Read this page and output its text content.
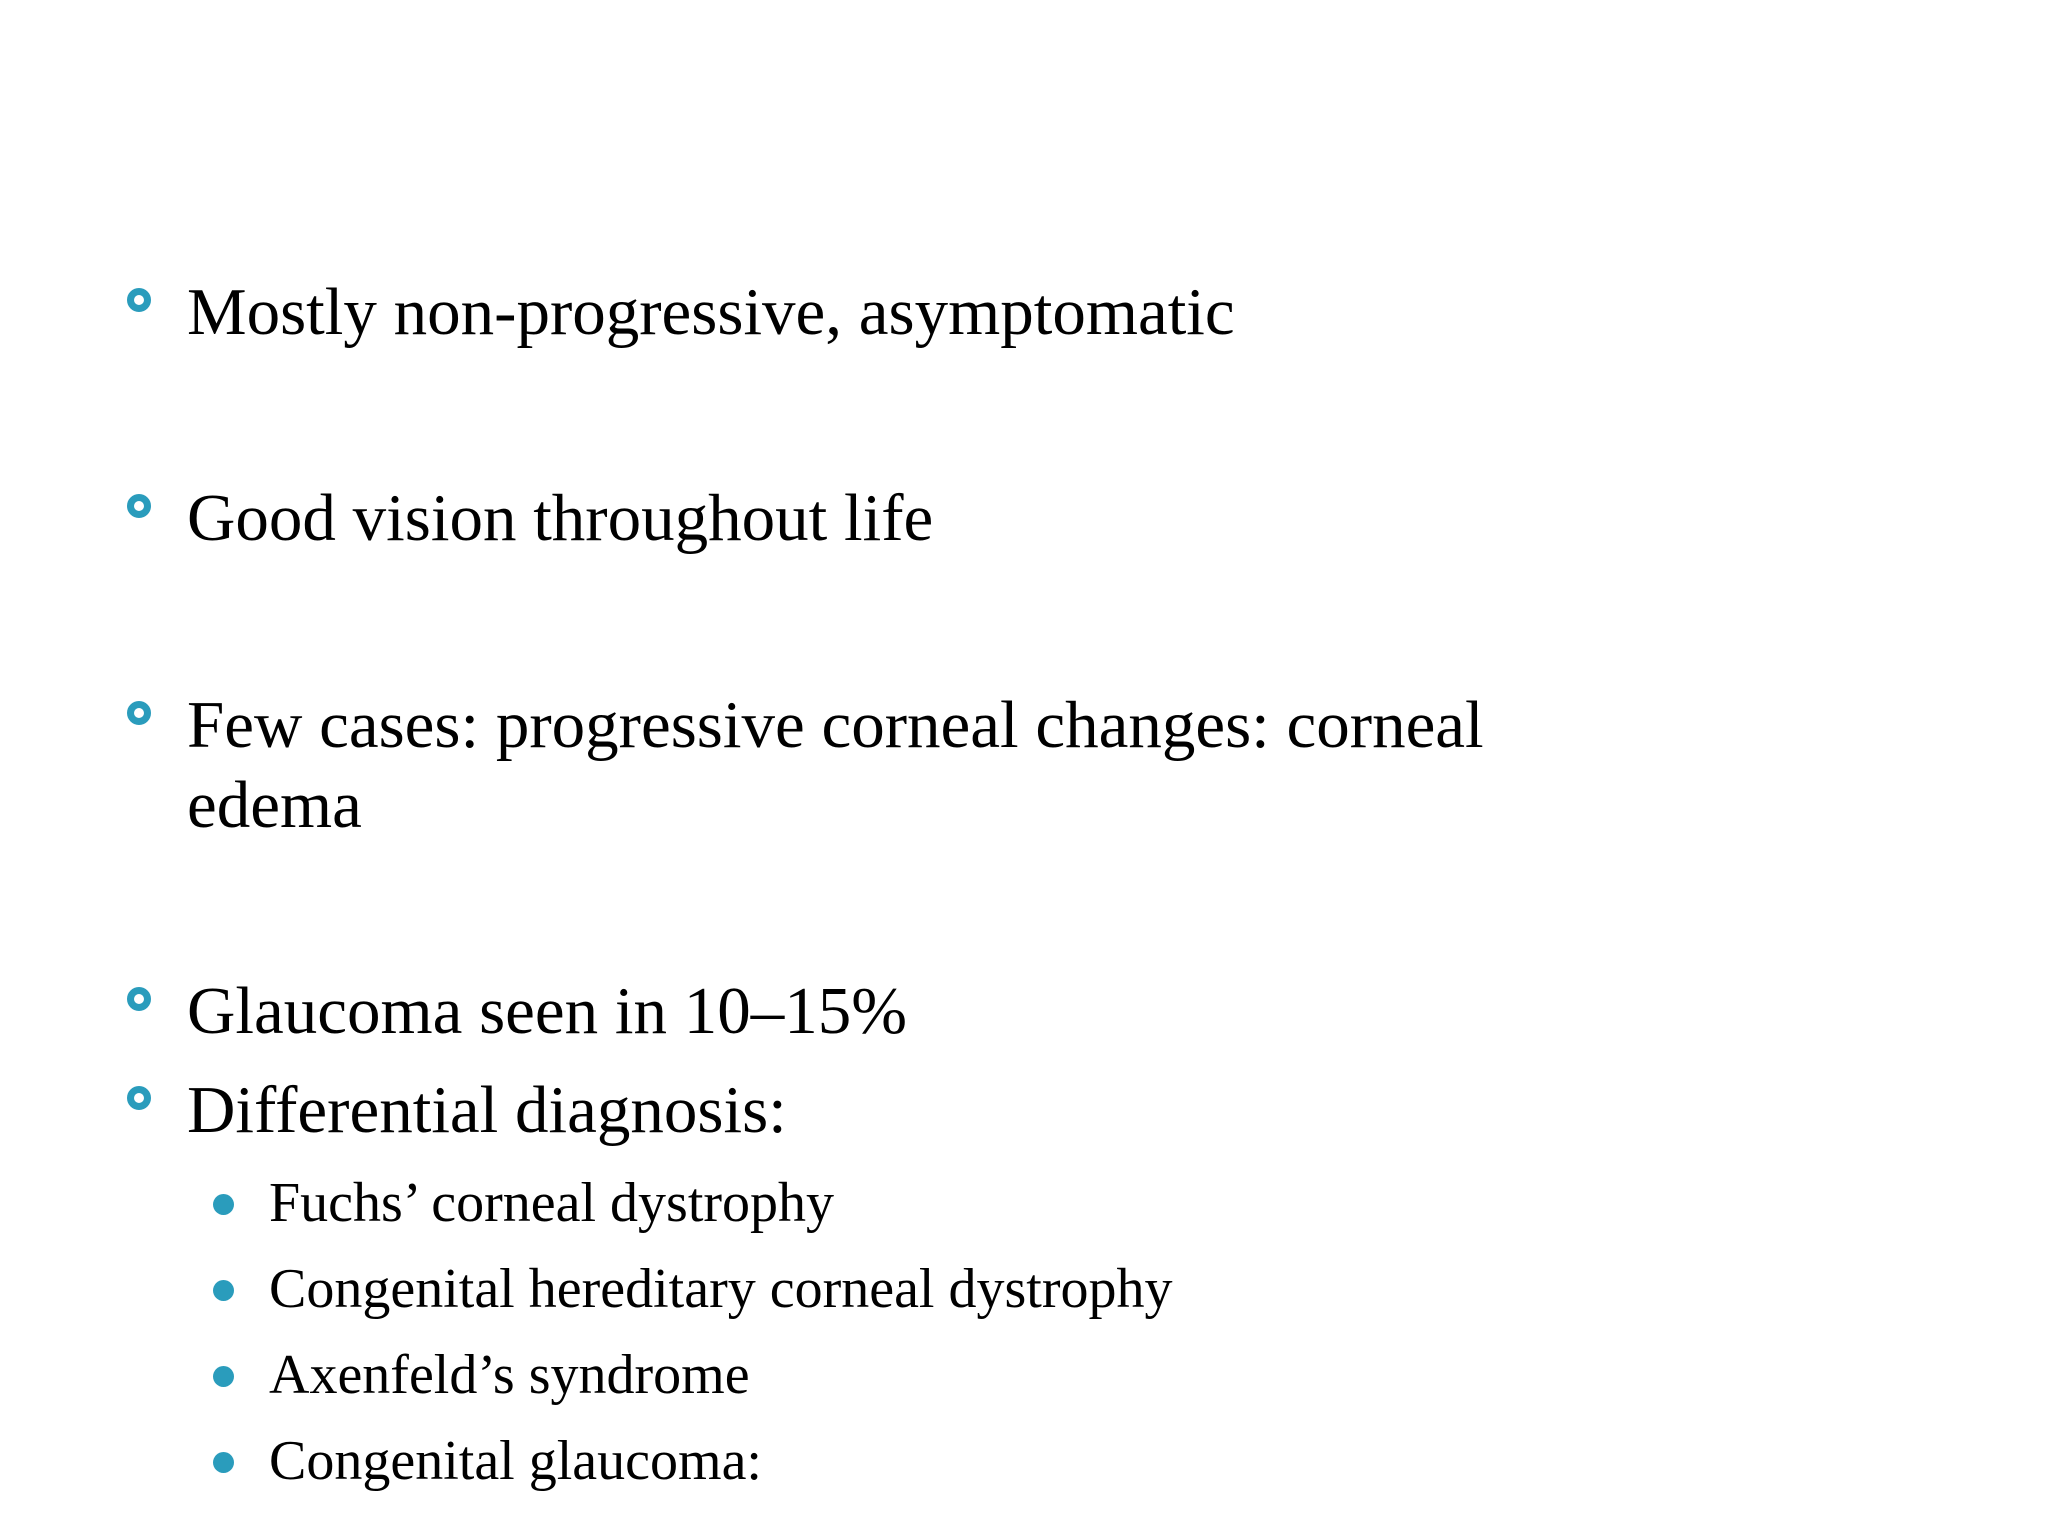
Mostly non-progressive, asymptomatic
Good vision throughout life
Few cases: progressive corneal changes: corneal edema
Glaucoma seen in 10–15%
Differential diagnosis:
Fuchs’ corneal dystrophy
Congenital hereditary corneal dystrophy
Axenfeld’s syndrome
Congenital glaucoma:
